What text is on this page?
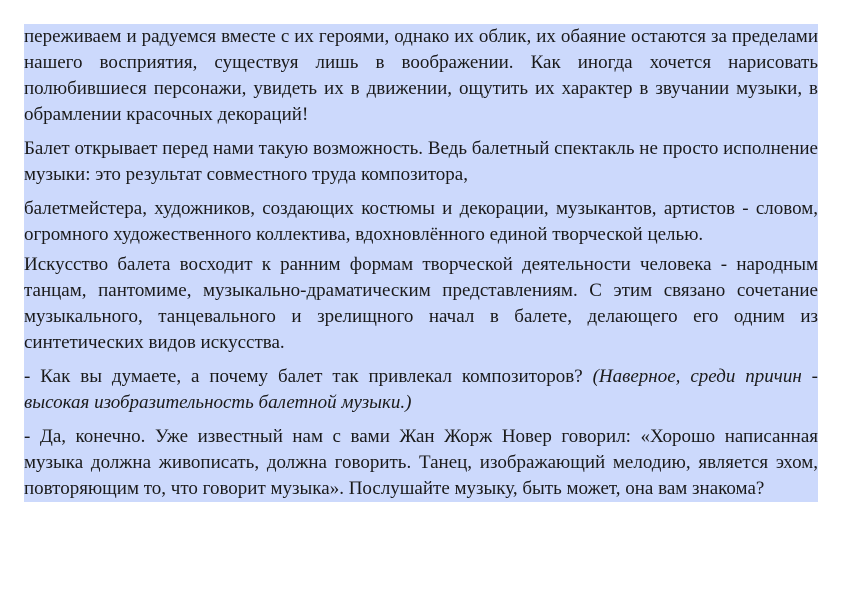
переживаем и радуемся вместе с их героями, однако их облик, их обаяние остаются за пределами нашего восприятия, существуя лишь в воображении. Как иногда хочется нарисовать полюбившиеся персонажи, увидеть их в движении, ощутить их характер в звучании музыки, в обрамлении красочных декораций!

Балет открывает перед нами такую возможность. Ведь балетный спектакль не просто исполнение музыки: это результат совместного труда композитора,

балетмейстера, художников, создающих костюмы и декорации, музыкантов, артистов - словом, огромного художественного коллектива, вдохновлённого единой творческой целью.

Искусство балета восходит к ранним формам творческой деятельности человека - народным танцам, пантомиме, музыкально-драматическим представлениям. С этим связано сочетание музыкального, танцевального и зрелищного начал в балете, делающего его одним из синтетических видов искусства.

- Как вы думаете, а почему балет так привлекал композиторов? (Наверное, среди причин - высокая изобразительность балетной музыки.)

- Да, конечно. Уже известный нам с вами Жан Жорж Новер говорил: «Хорошо написанная музыка должна живописать, должна говорить. Танец, изображающий мелодию, является эхом, повторяющим то, что говорит музыка». Послушайте музыку, быть может, она вам знакома?
